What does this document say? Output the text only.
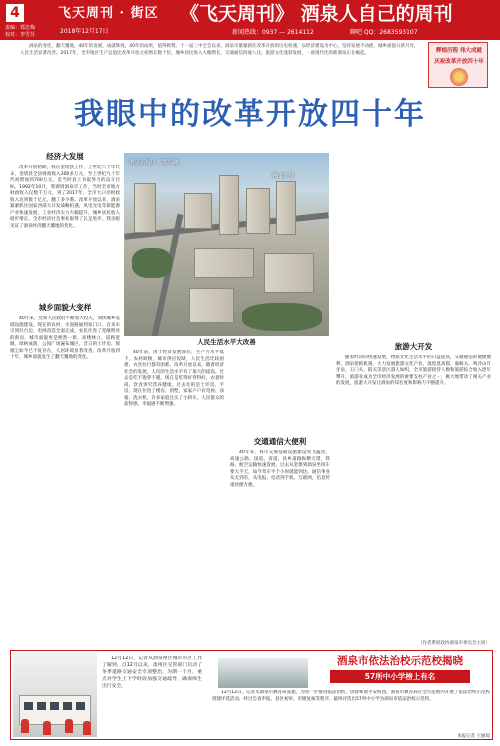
4
责编：郑忠梅
校对：李雪芬
飞天周刊 · 街区
2018年12月17日
《飞天周刊》 酒泉人自己的周刊
新闻热线：0937 — 2614112	聊吧 QQ：2683593107
酒泉的变化，翻天覆地，40年的发展，成就辉煌，40年的成果，值得称赞。十一届三中全会以来，酒泉市紧紧抓住改革开放的历史机遇，以经济建设为中心，坚持发展不动摇，城乡面貌日新月异，人民生活显著改善。2017年，全市地区生产总值比改革开放之初增长数十倍，城乡居民收入大幅增长，交通通信四通八达，旅游文化蓬勃发展，一座现代化的新酒泉正在崛起。	辉煌历程 伟大成就
庆祝改革开放四十年
我眼中的改革开放四十年
经济大发展
改革开放初期，我在金塔县工作，上世纪八十年代末，金塔县全县财政收入300多万元，至上世纪九十年代初增加到700万元，是当时县上争取努力的奋斗目标。1992年10月，我调到酒泉市工作，当时全市地方财政收入仅数千万元，到了2017年，全市大口径财政收入达到数十亿元，翻了多少番。改革开放以来，酒泉紧紧抓住国家西部大开发战略机遇，风电光电等新能源产业快速发展，工业经济实力大幅提升，城乡居民收入稳步增长，全市经济社会事业取得了长足进步。我亲眼见证了酒泉经济翻天覆地的变化。
城乡面貌大变样
40年来，党和人民政府不断加大投入，加快城乡基础设施建设。现在的农村，水泥路通到家门口，自来水引到灶台边，电网改造全面完成，农民住进了宽敞明亮的新房。城市面貌更是焕然一新，高楼林立，道路宽阔，绿树成荫，公园广场遍布城区，昔日的土坯房、煤烟尘如今已不复存在，人居环境显著改善。改革开放四十年，城乡面貌发生了翻天覆地的变化。
酒泉新城区二期鸟瞰
杨 阳 摄
人民生活水平大改善
40年前，由于经济发展滞后，生产力水平低下，农村缺粮，城市供应短缺，人民生活比较困难，衣食住行都有困难。改革开放以来，随着经济社会的发展，人民的生活水平有了很大的提高。过去是吃不饱穿不暖，现在是吃得好穿得好，衣着时尚，饮食讲究营养健康。过去住的是土坯房、平房，现在住进了楼房、别墅，家家户户有电视、冰箱、洗衣机，许多家庭还买了小轿车。人民群众的获得感、幸福感不断增强。
交通通信大便利
40年来，我市交通基础设施建设突飞猛进，高速公路、国道、省道、县乡道路纵横交错，铁路、航空运输快速发展。过去从金塔到酒泉坐班车要大半天，如今驾车半个小时就能到达。通信事业从无到有，从电报、电话到手机、互联网，信息传递快捷方便。
旅游大开发
随着经济的快速发展，物质文化生活水平的日益提高，交通通信的便捷便利，酒泉抢抓机遇，大力发展旅游文化产业。敦煌莫高窟、嘉峪关、鸣沙山月牙泉、玉门关、阳关等景区游人如织，全市旅游接待人数和旅游综合收入逐年攀升，旅游业成为全市经济发展的重要支柱产业之一，极大地带动了相关产业的发展，旅游大开发让酒泉的知名度和影响力不断提升。
（作者系原政协酒泉市委员会主席）
12月12日，记者从酒泉州区城市市区工作了解到，自12月以来，肃州区交管部门启动了冬季道路交通安全专项整治，为期一个月，重点对学生上下学时段加强交通疏导，确保师生出行安全。
酒泉市依法治校示范校揭晓
57所中小学榜上有名
12月12日，记者从酒泉市教育局获悉，为进一步推进依法治校，创建和谐平安校园，酒泉市教育局在全市范围内开展了依法治校示范校创建评选活动，经过自查申报、县区初审、市级复核等程序，最终评选出57所中小学为酒泉市依法治校示范校。
本报记者 王丽琼
